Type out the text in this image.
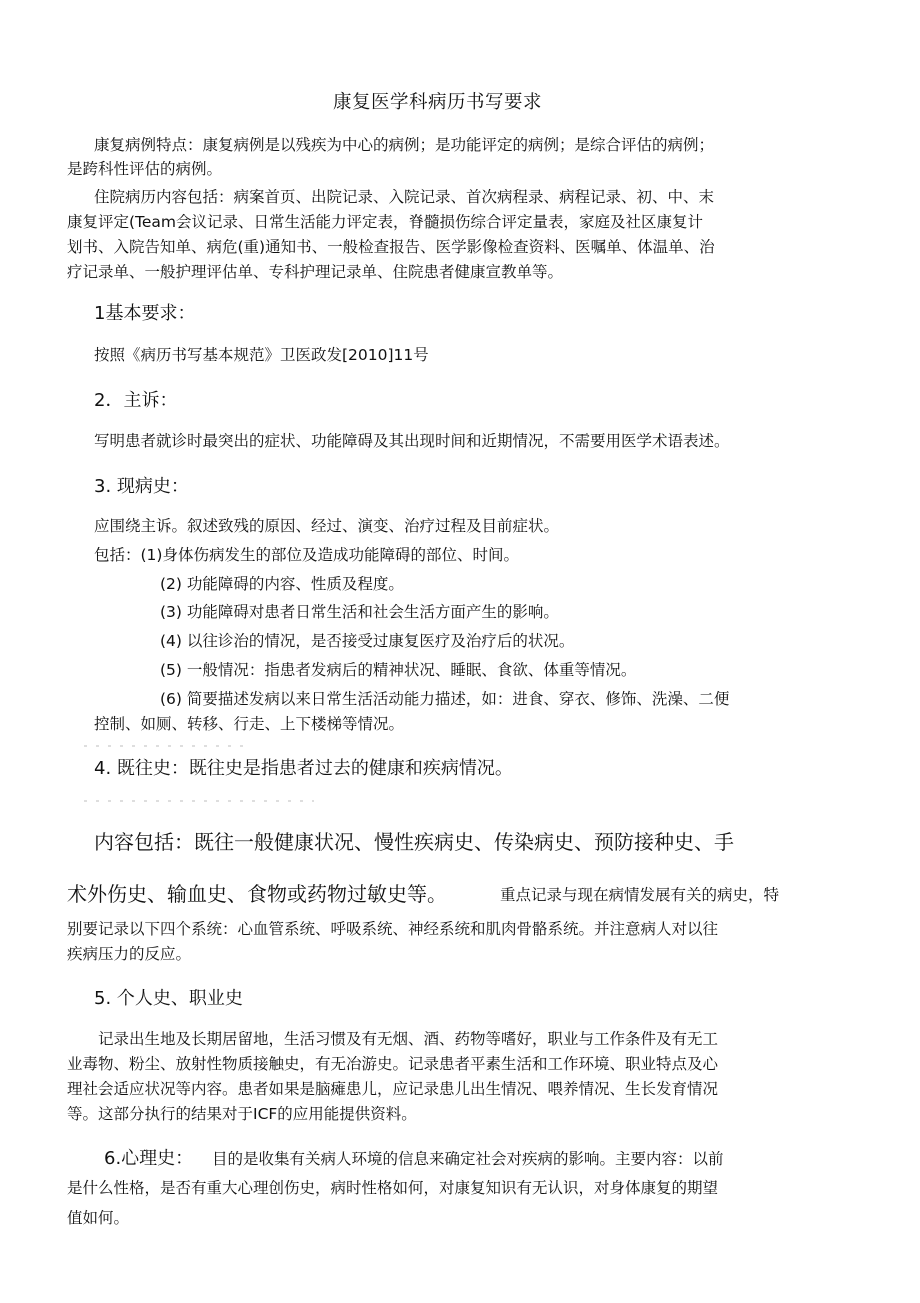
康复医学科病历书写要求
康复病例特点：康复病例是以残疾为中心的病例；是功能评定的病例；是综合评估的病例；
是跨科性评估的病例。
住院病历内容包括：病案首页、出院记录、入院记录、首次病程录、病程记录、初、中、末
康复评定(Team会议记录、日常生活能力评定表，脊髓损伤综合评定量表，家庭及社区康复计
划书、入院告知单、病危(重)通知书、一般检查报告、医学影像检查资料、医嘱单、体温单、治
疗记录单、一般护理评估单、专科护理记录单、住院患者健康宣教单等。
1基本要求：
按照《病历书写基本规范》卫医政发[2010]11号
2．主诉：
写明患者就诊时最突出的症状、功能障碍及其出现时间和近期情况，不需要用医学术语表述。
3. 现病史：
应围绕主诉。叙述致残的原因、经过、演变、治疗过程及目前症状。
包括：(1)身体伤病发生的部位及造成功能障碍的部位、时间。
(2) 功能障碍的内容、性质及程度。
(3) 功能障碍对患者日常生活和社会生活方面产生的影响。
(4) 以往诊治的情况，是否接受过康复医疗及治疗后的状况。
(5) 一般情况：指患者发病后的精神状况、睡眠、食欲、体重等情况。
(6) 简要描述发病以来日常生活活动能力描述，如：进食、穿衣、修饰、洗澡、二便
控制、如厕、转移、行走、上下楼梯等情况。
4. 既往史：既往史是指患者过去的健康和疾病情况。
内容包括：既往一般健康状况、慢性疾病史、传染病史、预防接种史、手
术外伤史、输血史、食物或药物过敏史等。	重点记录与现在病情发展有关的病史，特
别要记录以下四个系统：心血管系统、呼吸系统、神经系统和肌肉骨骼系统。并注意病人对以往
疾病压力的反应。
5. 个人史、职业史
记录出生地及长期居留地，生活习惯及有无烟、酒、药物等嗜好，职业与工作条件及有无工
业毒物、粉尘、放射性物质接触史，有无冶游史。记录患者平素生活和工作环境、职业特点及心
理社会适应状况等内容。患者如果是脑瘫患儿，应记录患儿出生情况、喂养情况、生长发育情况
等。这部分执行的结果对于ICF的应用能提供资料。
6.心理史： 目的是收集有关病人环境的信息来确定社会对疾病的影响。主要内容：以前
是什么性格，是否有重大心理创伤史，病时性格如何，对康复知识有无认识，对身体康复的期望
值如何。
